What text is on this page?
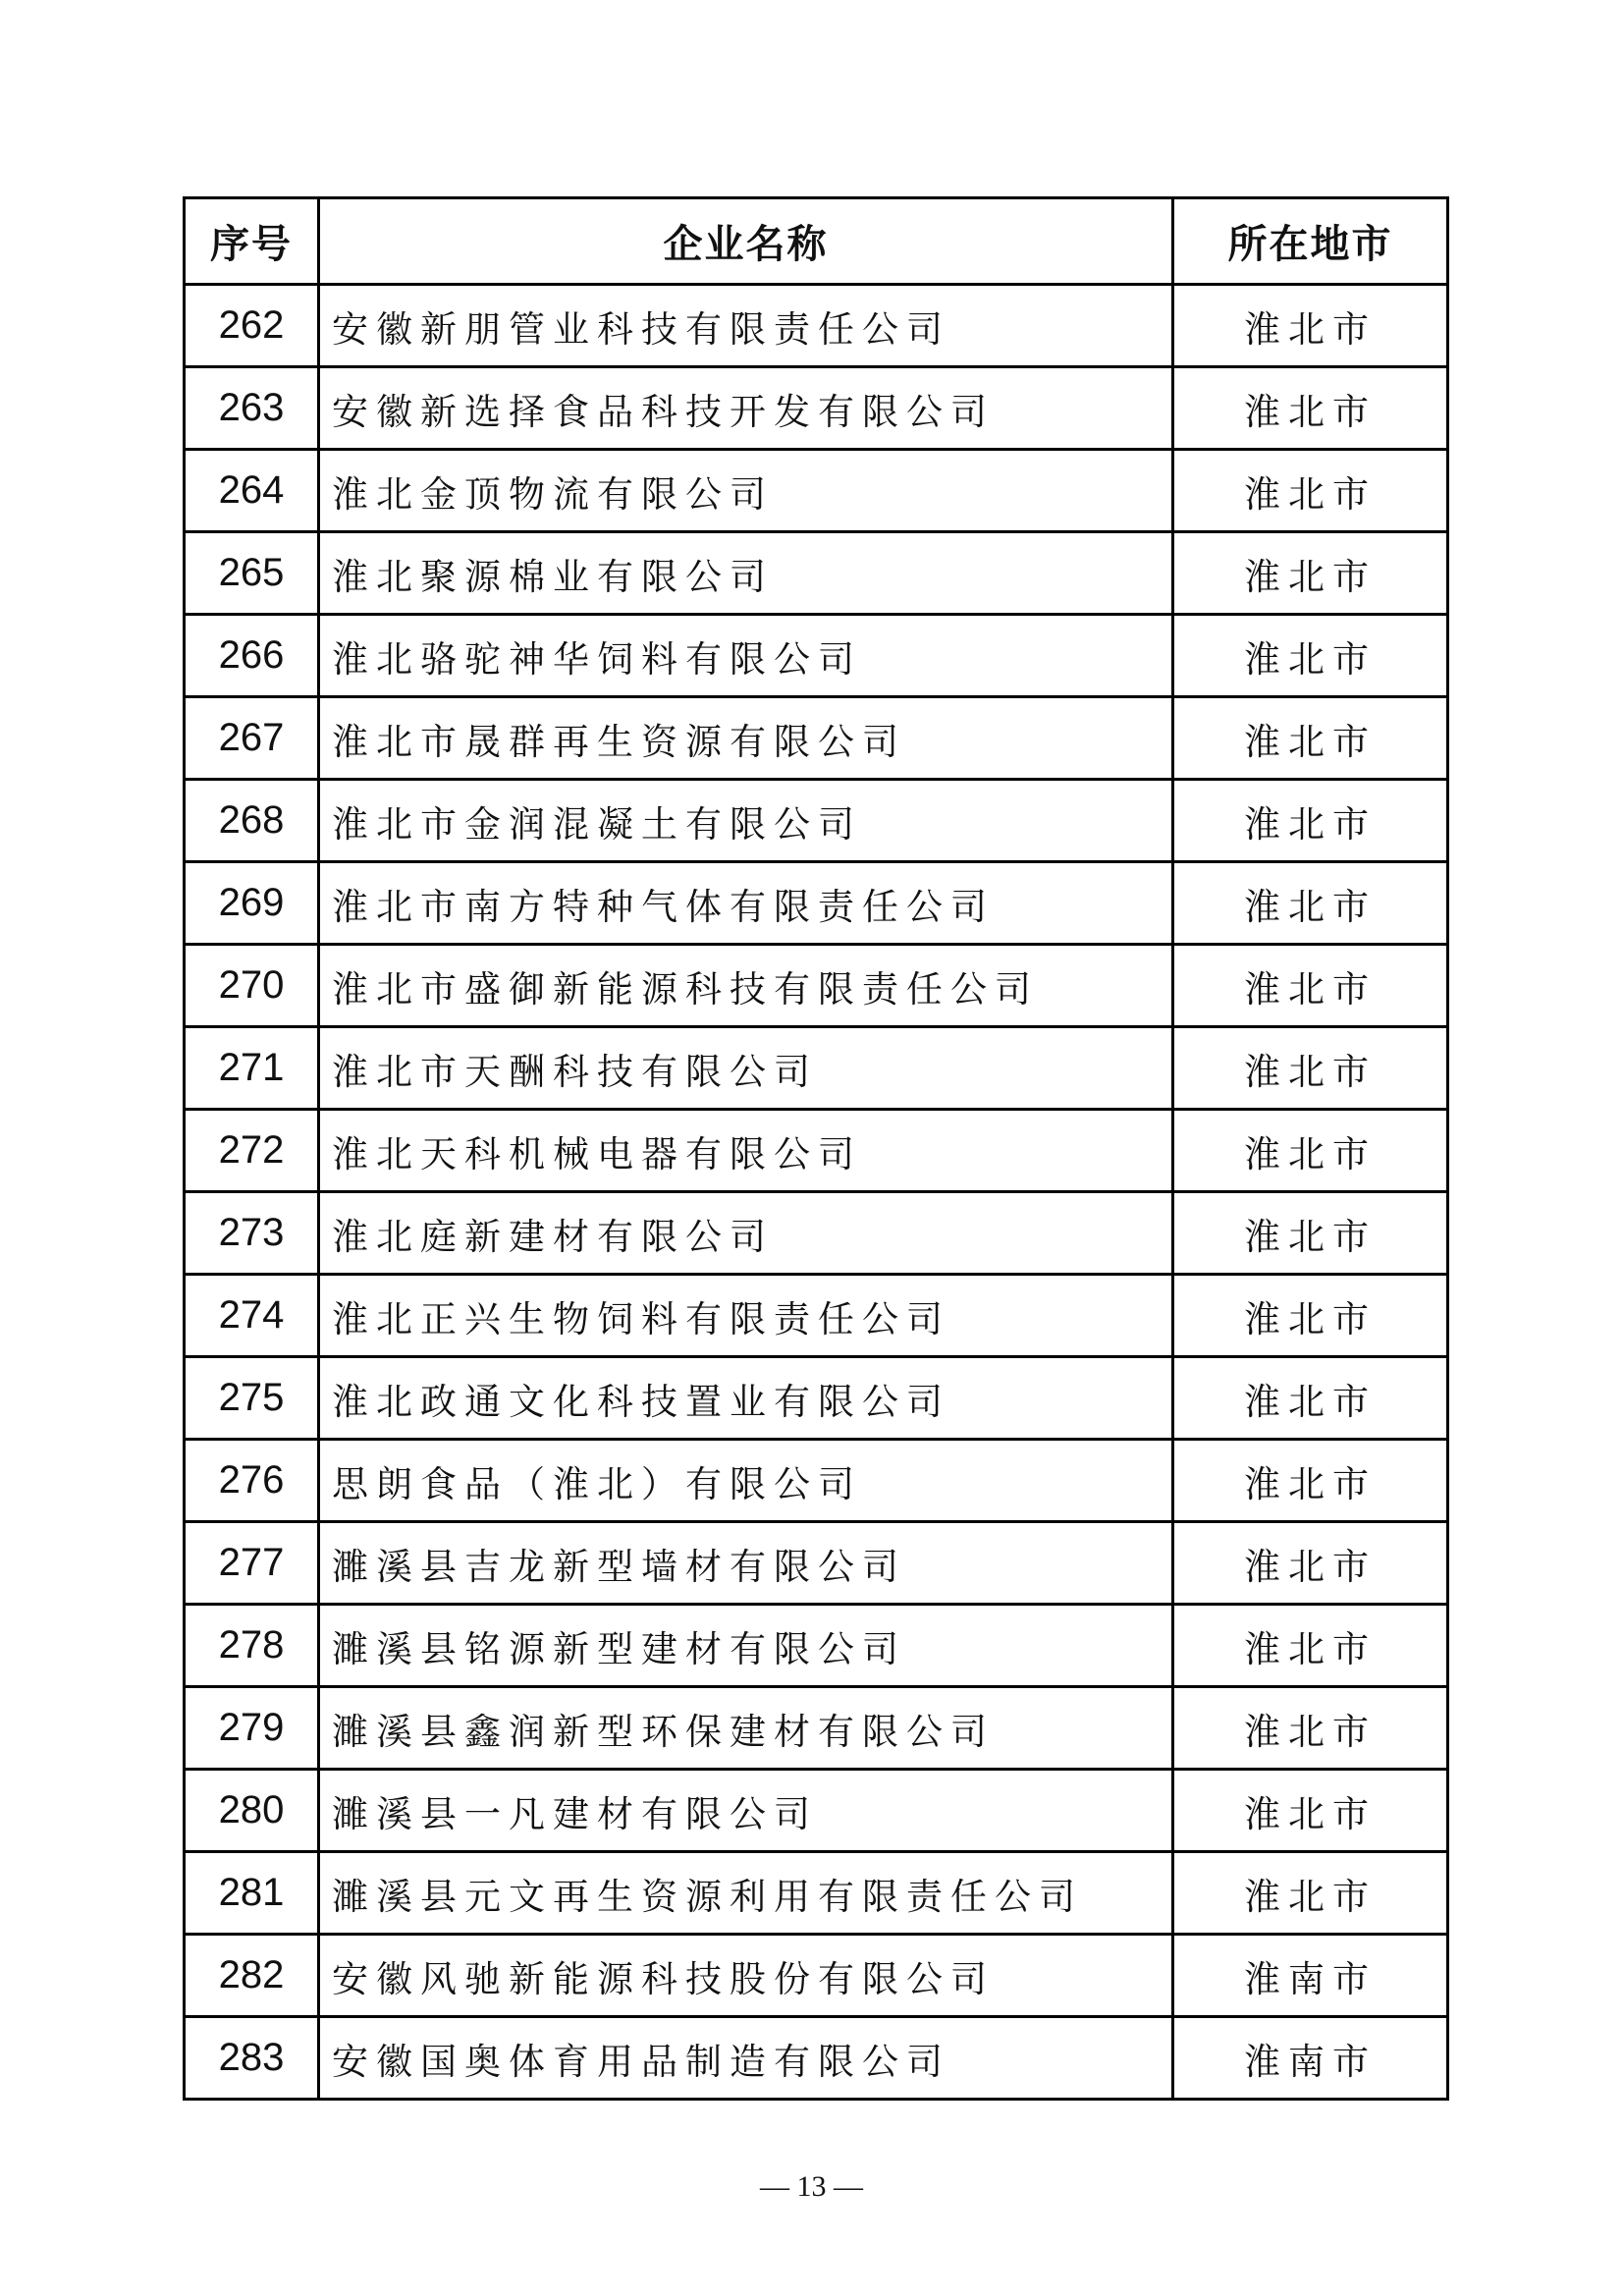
序号	企业名称	所在地市
262	安徽新朋管业科技有限责任公司	淮北市
263	安徽新选择食品科技开发有限公司	淮北市
264	淮北金顶物流有限公司	淮北市
265	淮北聚源棉业有限公司	淮北市
266	淮北骆驼神华饲料有限公司	淮北市
267	淮北市晟群再生资源有限公司	淮北市
268	淮北市金润混凝土有限公司	淮北市
269	淮北市南方特种气体有限责任公司	淮北市
270	淮北市盛御新能源科技有限责任公司	淮北市
271	淮北市天酬科技有限公司	淮北市
272	淮北天科机械电器有限公司	淮北市
273	淮北庭新建材有限公司	淮北市
274	淮北正兴生物饲料有限责任公司	淮北市
275	淮北政通文化科技置业有限公司	淮北市
276	思朗食品（淮北）有限公司	淮北市
277	濉溪县吉龙新型墙材有限公司	淮北市
278	濉溪县铭源新型建材有限公司	淮北市
279	濉溪县鑫润新型环保建材有限公司	淮北市
280	濉溪县一凡建材有限公司	淮北市
281	濉溪县元文再生资源利用有限责任公司	淮北市
282	安徽风驰新能源科技股份有限公司	淮南市
283	安徽国奥体育用品制造有限公司	淮南市
— 13 —
